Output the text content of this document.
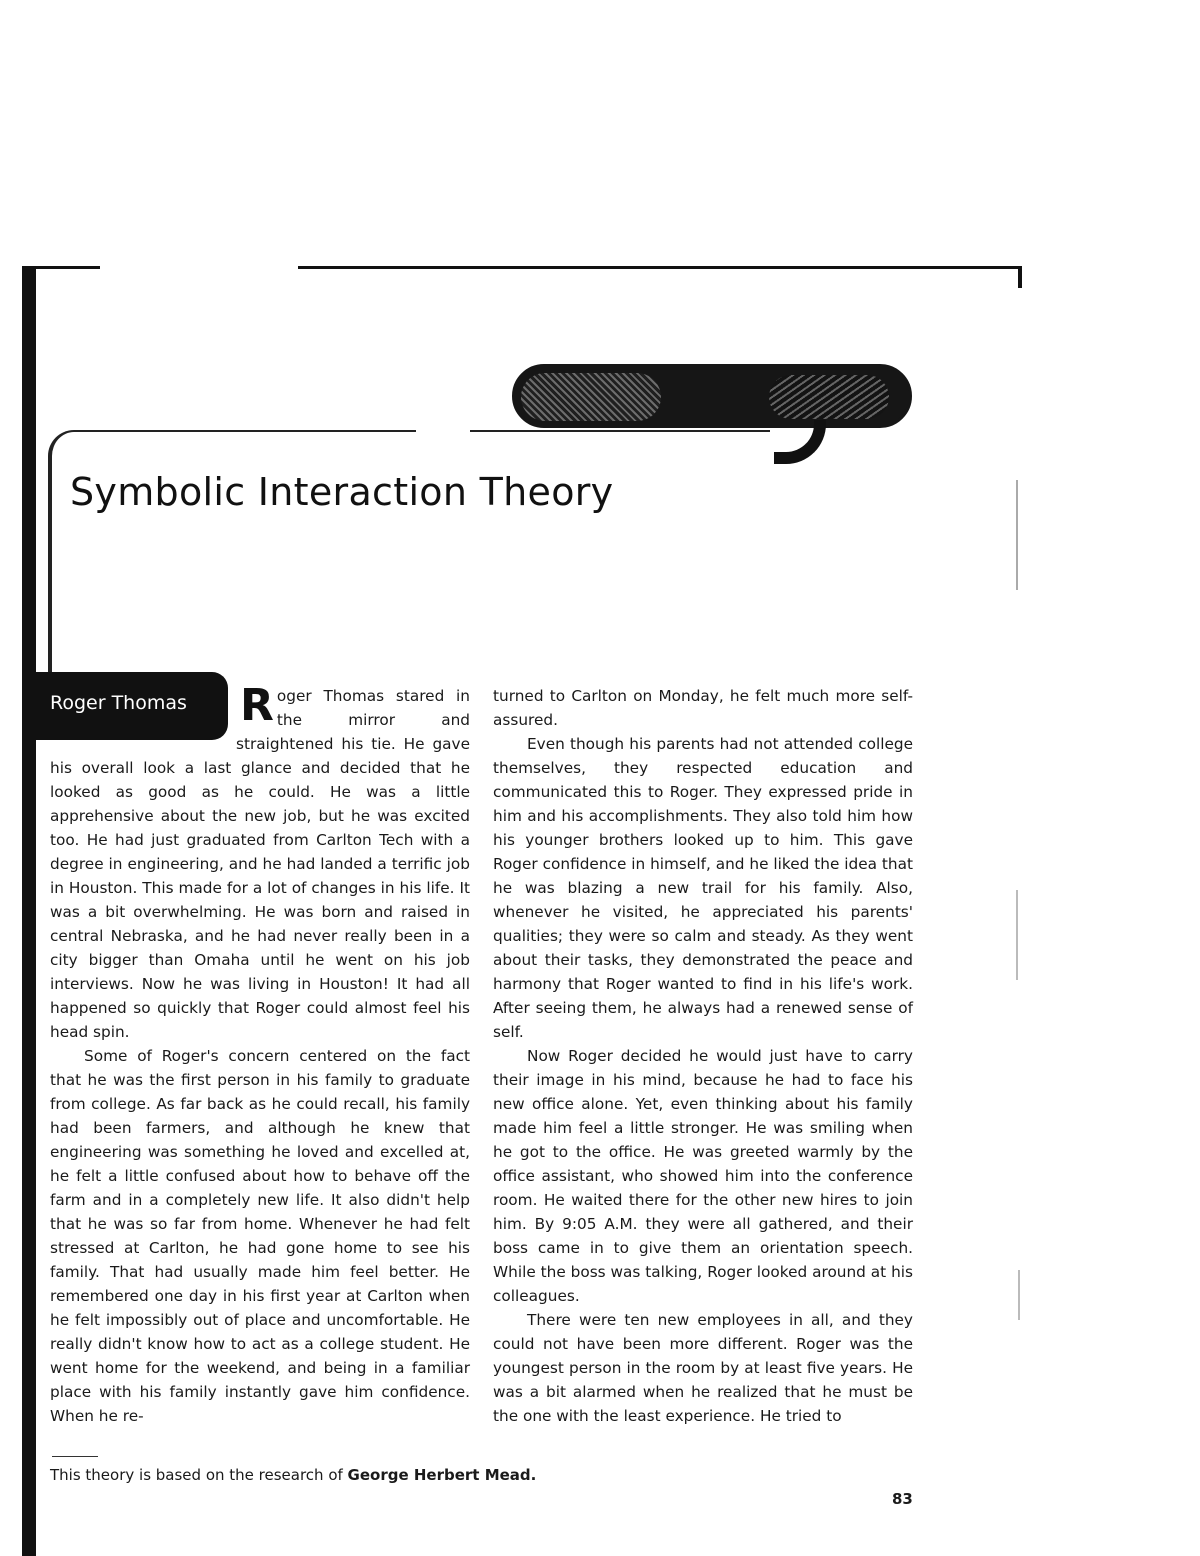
Symbolic Interaction Theory
Roger Thomas	Roger Thomas stared in the mirror and straightened his tie. He gave his overall look a last glance and decided that he looked as good as he could. He was a little apprehensive about the new job, but he was excited too. He had just graduated from Carlton Tech with a degree in engineering, and he had landed a terrific job in Houston. This made for a lot of changes in his life. It was a bit overwhelming. He was born and raised in central Nebraska, and he had never really been in a city bigger than Omaha until he went on his job interviews. Now he was living in Houston! It had all happened so quickly that Roger could almost feel his head spin.

Some of Roger's concern centered on the fact that he was the first person in his family to graduate from college. As far back as he could recall, his family had been farmers, and although he knew that engineering was something he loved and excelled at, he felt a little confused about how to behave off the farm and in a completely new life. It also didn't help that he was so far from home. Whenever he had felt stressed at Carlton, he had gone home to see his family. That had usually made him feel better. He remembered one day in his first year at Carlton when he felt impossibly out of place and uncomfortable. He really didn't know how to act as a college student. He went home for the weekend, and being in a familiar place with his family instantly gave him confidence. When he re-

turned to Carlton on Monday, he felt much more self-assured.

Even though his parents had not attended college themselves, they respected education and communicated this to Roger. They expressed pride in him and his accomplishments. They also told him how his younger brothers looked up to him. This gave Roger confidence in himself, and he liked the idea that he was blazing a new trail for his family. Also, whenever he visited, he appreciated his parents' qualities; they were so calm and steady. As they went about their tasks, they demonstrated the peace and harmony that Roger wanted to find in his life's work. After seeing them, he always had a renewed sense of self.

Now Roger decided he would just have to carry their image in his mind, because he had to face his new office alone. Yet, even thinking about his family made him feel a little stronger. He was smiling when he got to the office. He was greeted warmly by the office assistant, who showed him into the conference room. He waited there for the other new hires to join him. By 9:05 A.M. they were all gathered, and their boss came in to give them an orientation speech. While the boss was talking, Roger looked around at his colleagues.

There were ten new employees in all, and they could not have been more different. Roger was the youngest person in the room by at least five years. He was a bit alarmed when he realized that he must be the one with the least experience. He tried to

This theory is based on the research of George Herbert Mead.
83
